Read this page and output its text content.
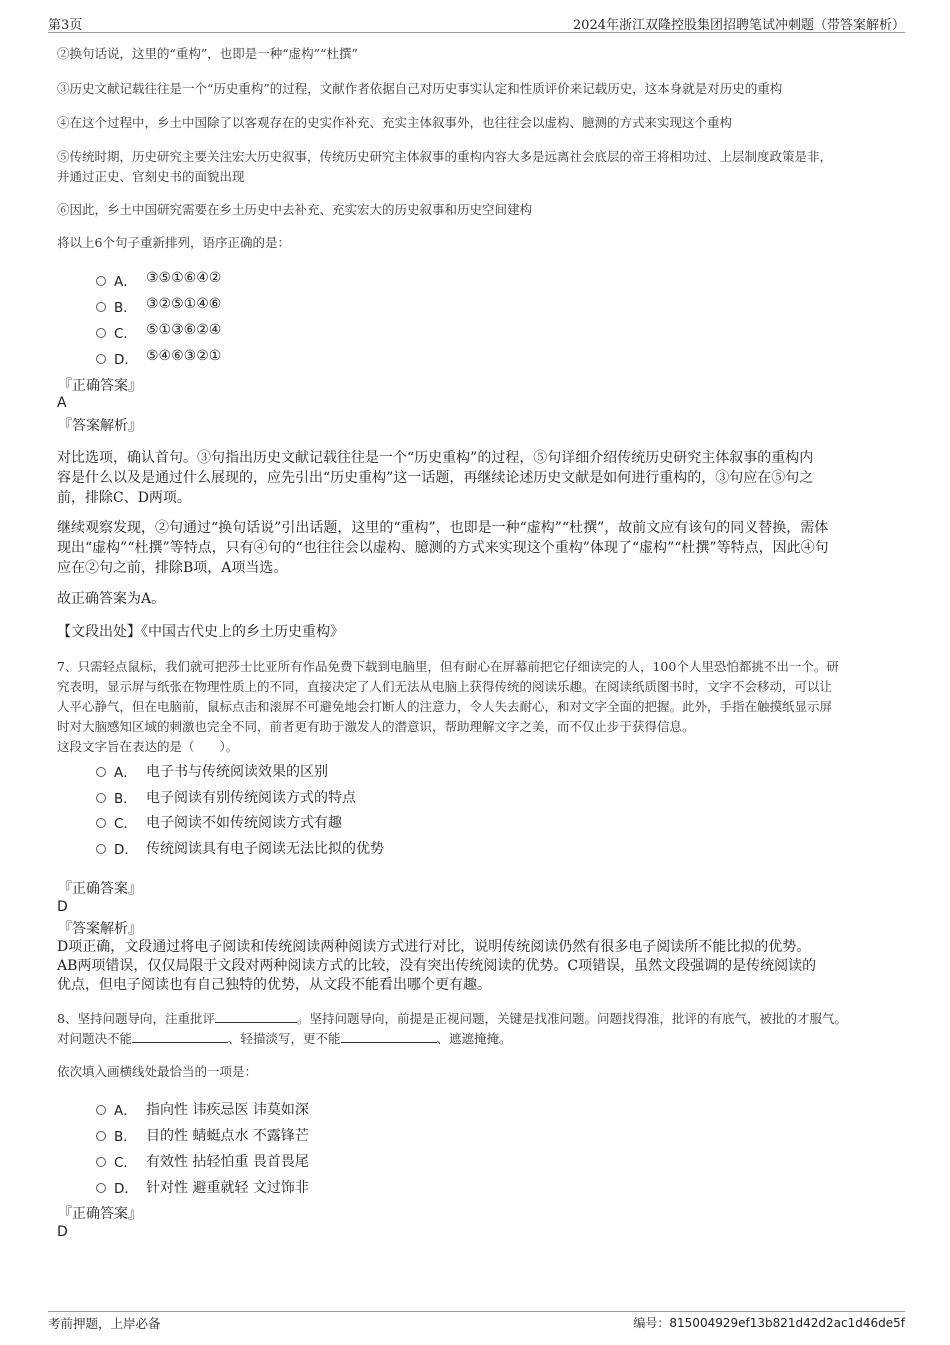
第3页	2024年浙江双隆控股集团招聘笔试冲刺题（带答案解析）
②换句话说，这里的“重构”，也即是一种“虚构”“杜撰”
③历史文献记载往往是一个“历史重构”的过程，文献作者依据自己对历史事实认定和性质评价来记载历史，这本身就是对历史的重构
④在这个过程中，乡土中国除了以客观存在的史实作补充、充实主体叙事外，也往往会以虚构、臆测的方式来实现这个重构
⑤传统时期，历史研究主要关注宏大历史叙事，传统历史研究主体叙事的重构内容大多是远离社会底层的帝王将相功过、上层制度政策是非，
并通过正史、官刻史书的面貌出现
⑥因此，乡土中国研究需要在乡土历史中去补充、充实宏大的历史叙事和历史空间建构
将以上6个句子重新排列，语序正确的是：
A． ③⑤①⑥④②
B． ③②⑤①④⑥
C． ⑤①③⑥②④
D． ⑤④⑥③②①
『正确答案』
A
『答案解析』
对比选项，确认首句。③句指出历史文献记载往往是一个“历史重构”的过程，⑤句详细介绍传统历史研究主体叙事的重构内
容是什么以及是通过什么展现的，应先引出“历史重构”这一话题，再继续论述历史文献是如何进行重构的，③句应在⑤句之
前，排除C、D两项。
继续观察发现，②句通过“换句话说”引出话题，这里的“重构”，也即是一种“虚构”“杜撰”，故前文应有该句的同义替换，需体
现出“虚构”“杜撰”等特点，只有④句的“也往往会以虚构、臆测的方式来实现这个重构”体现了“虚构”“杜撰”等特点，因此④句
应在②句之前，排除B项，A项当选。
故正确答案为A。
【文段出处】《中国古代史上的乡土历史重构》
7、只需轻点鼠标，我们就可把莎士比亚所有作品免费下载到电脑里，但有耐心在屏幕前把它仔细读完的人，100个人里恐怕都挑不出一个。研
究表明，显示屏与纸张在物理性质上的不同，直接决定了人们无法从电脑上获得传统的阅读乐趣。在阅读纸质图书时，文字不会移动，可以让
人平心静气，但在电脑前，鼠标点击和滚屏不可避免地会打断人的注意力，令人失去耐心，和对文字全面的把握。此外，手指在触摸纸显示屏
时对大脑感知区域的刺激也完全不同，前者更有助于激发人的潜意识，帮助理解文字之美，而不仅止步于获得信息。
这段文字旨在表达的是（　　）。
A． 电子书与传统阅读效果的区别
B． 电子阅读有别传统阅读方式的特点
C． 电子阅读不如传统阅读方式有趣
D． 传统阅读具有电子阅读无法比拟的优势
『正确答案』
D
『答案解析』
D项正确，文段通过将电子阅读和传统阅读两种阅读方式进行对比，说明传统阅读仍然有很多电子阅读所不能比拟的优势。
AB两项错误，仅仅局限于文段对两种阅读方式的比较，没有突出传统阅读的优势。C项错误，虽然文段强调的是传统阅读的
优点，但电子阅读也有自己独特的优势，从文段不能看出哪个更有趣。
8、坚持问题导向，注重批评	。坚持问题导向，前提是正视问题，关键是找准问题。问题找得准，批评的有底气，被批的才服气。
对问题决不能	、轻描淡写，更不能	、遮遮掩掩。
依次填入画横线处最恰当的一项是：
A． 指向性 讳疾忌医 讳莫如深
B． 目的性 蜻蜓点水 不露锋芒
C． 有效性 拈轻怕重 畏首畏尾
D． 针对性 避重就轻 文过饰非
『正确答案』
D
考前押题，上岸必备	编号：815004929ef13b821d42d2ac1d46de5f
